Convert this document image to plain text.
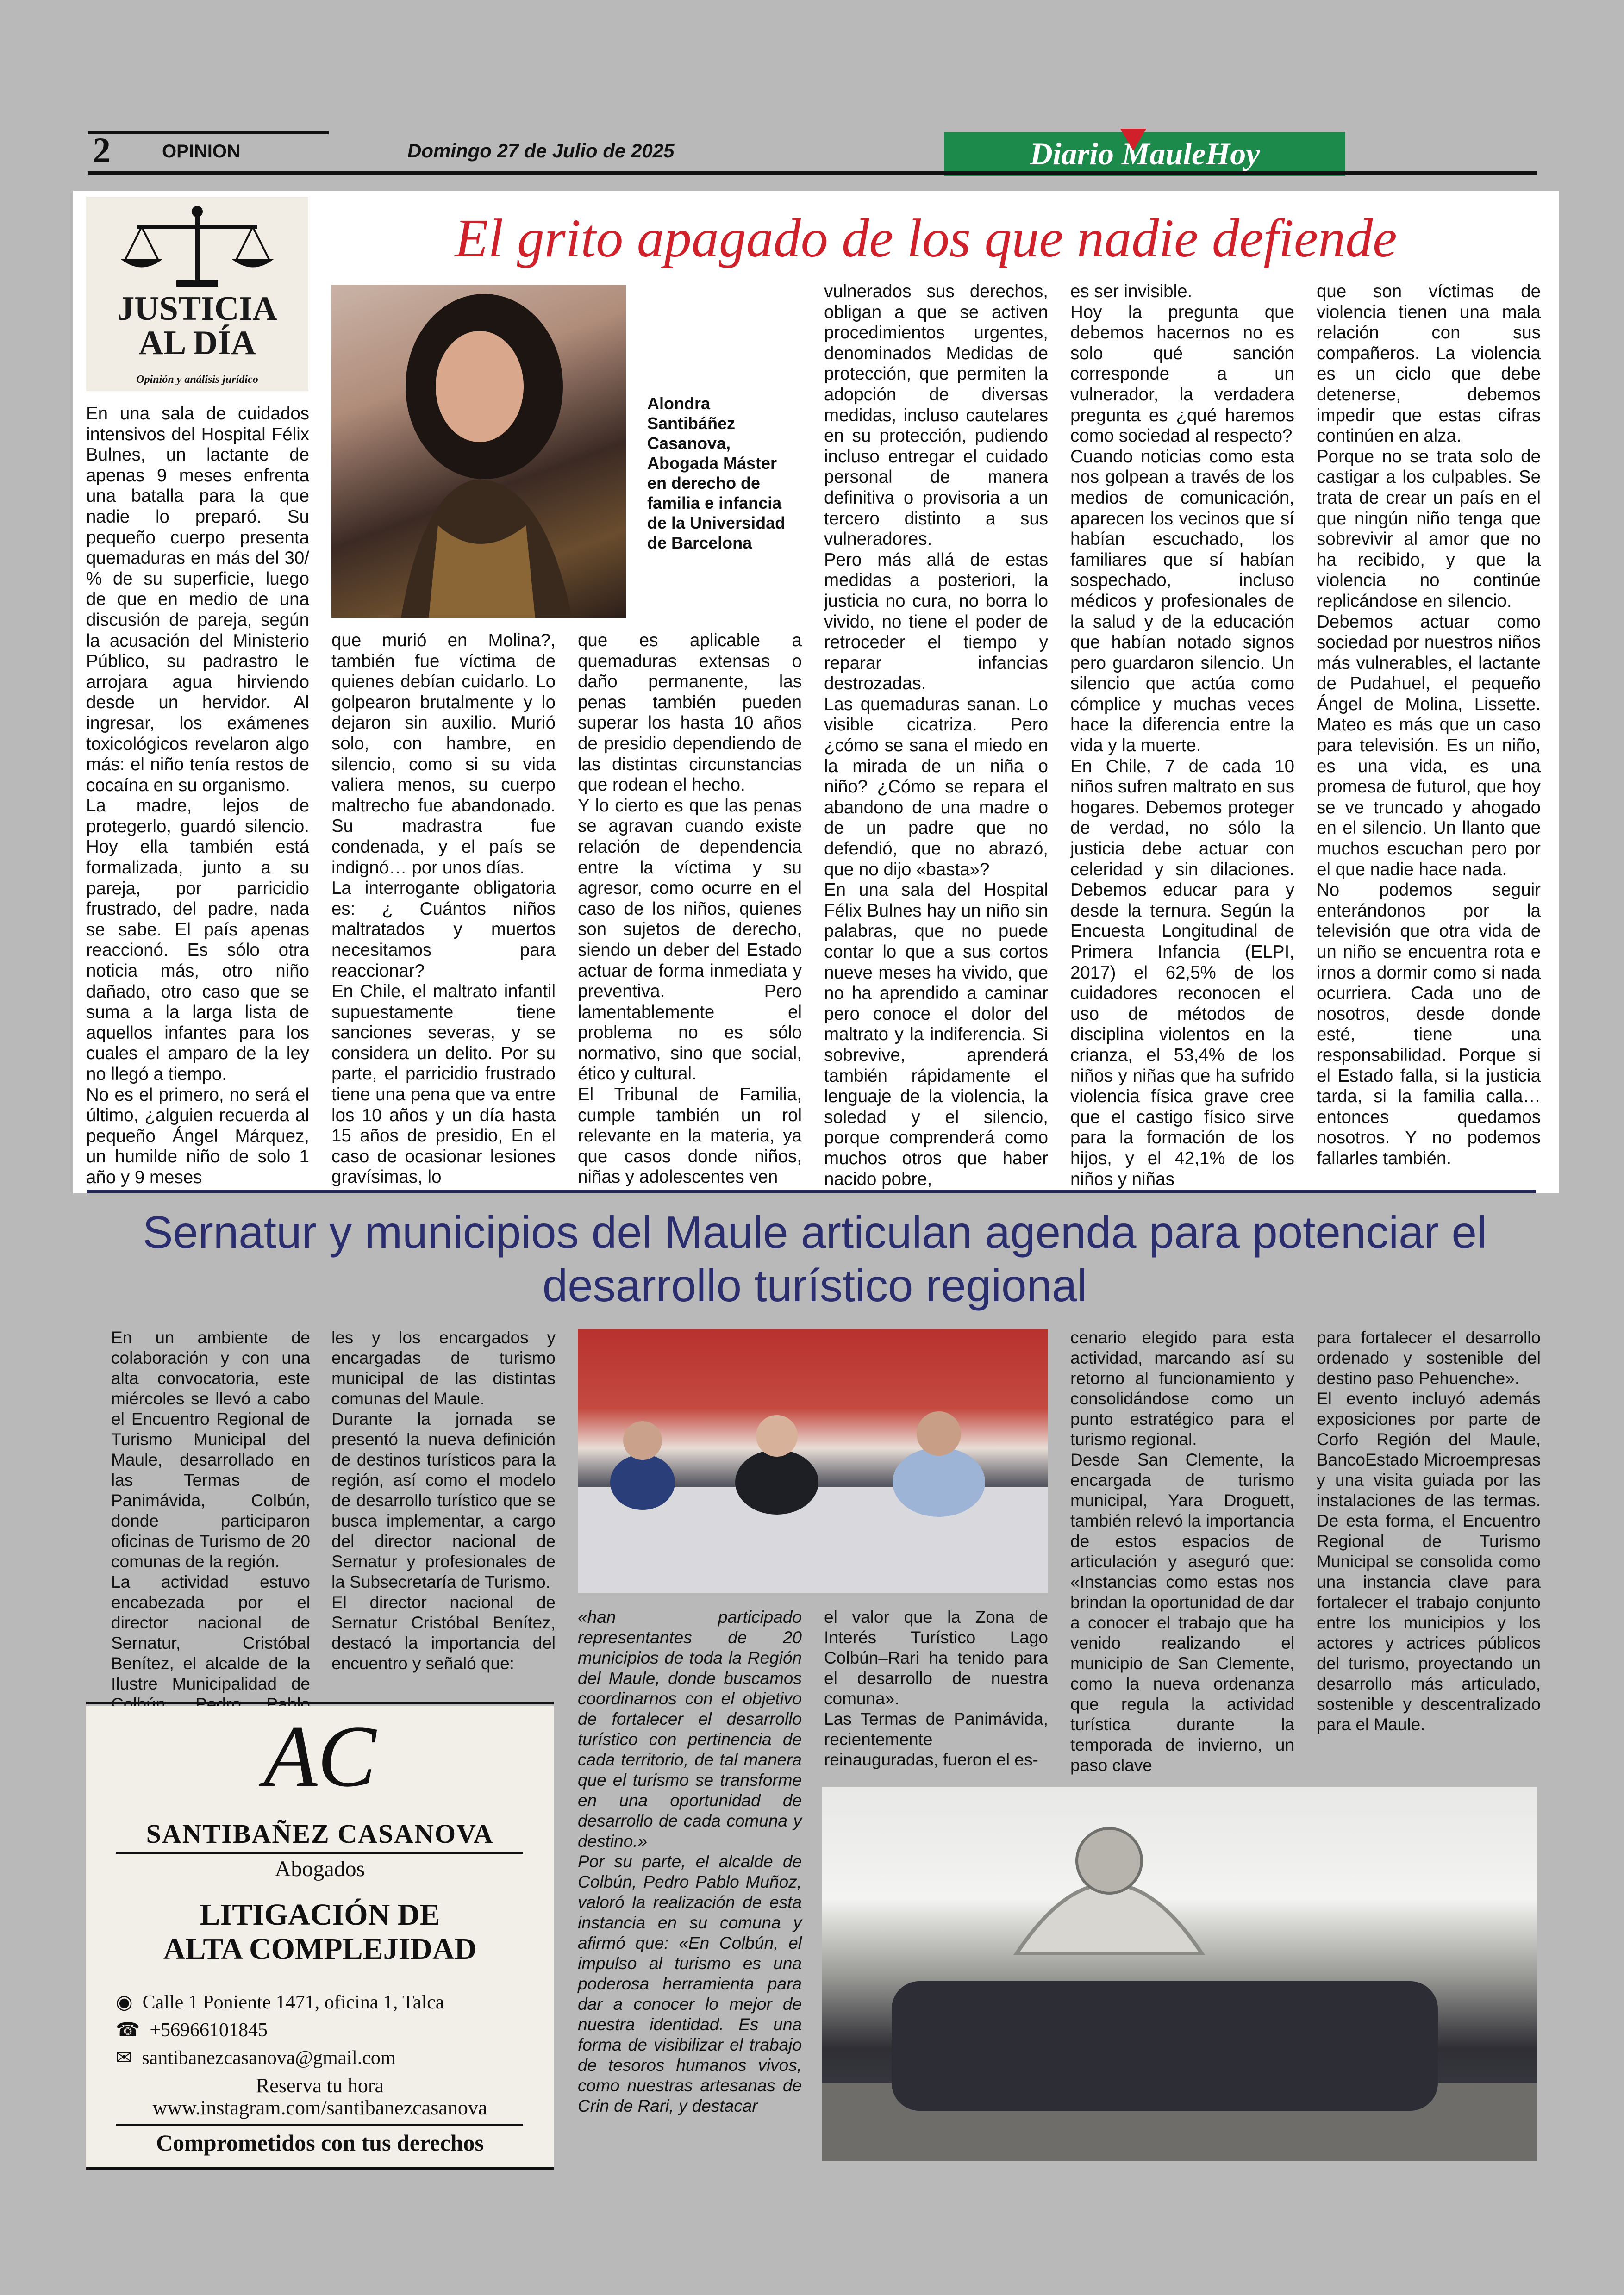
2	OPINION	Domingo 27 de Julio de 2025	Diario MauleHoy
JUSTICIA
AL DÍA
Opinión y análisis jurídico
El grito apagado de los que nadie defiende
Alondra Santibáñez Casanova, Abogada Máster en derecho de familia e infancia de la Universidad de Barcelona
En una sala de cuidados intensivos del Hospital Félix Bulnes, un lactante de apenas 9 meses enfrenta una batalla para la que nadie lo preparó. Su pequeño cuerpo presenta quemaduras en más del 30/ % de su superficie, luego de que en medio de una discusión de pareja, según la acusación del Ministerio Público, su padrastro le arrojara agua hirviendo desde un hervidor. Al ingresar, los exámenes toxicológicos revelaron algo más: el niño tenía restos de cocaína en su organismo.
La madre, lejos de protegerlo, guardó silencio. Hoy ella también está formalizada, junto a su pareja, por parricidio frustrado, del padre, nada se sabe. El país apenas reaccionó. Es sólo otra noticia más, otro niño dañado, otro caso que se suma a la larga lista de aquellos infantes para los cuales el amparo de la ley no llegó a tiempo.
No es el primero, no será el último, ¿alguien recuerda al pequeño Ángel Márquez, un humilde niño de solo 1 año y 9 meses
que murió en Molina?, también fue víctima de quienes debían cuidarlo. Lo golpearon brutalmente y lo dejaron sin auxilio. Murió solo, con hambre, en silencio, como si su vida valiera menos, su cuerpo maltrecho fue abandonado. Su madrastra fue condenada, y el país se indignó… por unos días.
La interrogante obligatoria es: ¿ Cuántos niños maltratados y muertos necesitamos para reaccionar?
En Chile, el maltrato infantil supuestamente tiene sanciones severas, y se considera un delito. Por su parte, el parricidio frustrado tiene una pena que va entre los 10 años y un día hasta 15 años de presidio, En el caso de ocasionar lesiones gravísimas, lo
que es aplicable a quemaduras extensas o daño permanente, las penas también pueden superar los hasta 10 años de presidio dependiendo de las distintas circunstancias que rodean el hecho.
Y lo cierto es que las penas se agravan cuando existe relación de dependencia entre la víctima y su agresor, como ocurre en el caso de los niños, quienes son sujetos de derecho, siendo un deber del Estado actuar de forma inmediata y preventiva. Pero lamentablemente el problema no es sólo normativo, sino que social, ético y cultural.
El Tribunal de Familia, cumple también un rol relevante en la materia, ya que casos donde niños, niñas y adolescentes ven
vulnerados sus derechos, obligan a que se activen procedimientos urgentes, denominados Medidas de protección, que permiten la adopción de diversas medidas, incluso cautelares en su protección, pudiendo incluso entregar el cuidado personal de manera definitiva o provisoria a un tercero distinto a sus vulneradores.
Pero más allá de estas medidas a posteriori, la justicia no cura, no borra lo vivido, no tiene el poder de retroceder el tiempo y reparar infancias destrozadas.
Las quemaduras sanan. Lo visible cicatriza. Pero ¿cómo se sana el miedo en la mirada de un niña o niño? ¿Cómo se repara el abandono de una madre o de un padre que no defendió, que no abrazó, que no dijo «basta»?
En una sala del Hospital Félix Bulnes hay un niño sin palabras, que no puede contar lo que a sus cortos nueve meses ha vivido, que no ha aprendido a caminar pero conoce el dolor del maltrato y la indiferencia. Si sobrevive, aprenderá también rápidamente el lenguaje de la violencia, la soledad y el silencio, porque comprenderá como muchos otros que haber nacido pobre,
es ser invisible.
Hoy la pregunta que debemos hacernos no es solo qué sanción corresponde a un vulnerador, la verdadera pregunta es ¿qué haremos como sociedad al respecto?
Cuando noticias como esta nos golpean a través de los medios de comunicación, aparecen los vecinos que sí habían escuchado, los familiares que sí habían sospechado, incluso médicos y profesionales de la salud y de la educación que habían notado signos pero guardaron silencio. Un silencio que actúa como cómplice y muchas veces hace la diferencia entre la vida y la muerte.
En Chile, 7 de cada 10 niños sufren maltrato en sus hogares. Debemos proteger de verdad, no sólo la justicia debe actuar con celeridad y sin dilaciones. Debemos educar para y desde la ternura. Según la Encuesta Longitudinal de Primera Infancia (ELPI, 2017) el 62,5% de los cuidadores reconocen el uso de métodos de disciplina violentos en la crianza, el 53,4% de los niños y niñas que ha sufrido violencia física grave cree que el castigo físico sirve para la formación de los hijos, y el 42,1% de los niños y niñas
que son víctimas de violencia tienen una mala relación con sus compañeros. La violencia es un ciclo que debe detenerse, debemos impedir que estas cifras continúen en alza.
Porque no se trata solo de castigar a los culpables. Se trata de crear un país en el que ningún niño tenga que sobrevivir al amor que no ha recibido, y que la violencia no continúe replicándose en silencio.
Debemos actuar como sociedad por nuestros niños más vulnerables, el lactante de Pudahuel, el pequeño Ángel de Molina, Lissette. Mateo es más que un caso para televisión. Es un niño, es una vida, es una promesa de futurol, que hoy se ve truncado y ahogado en el silencio. Un llanto que muchos escuchan pero por el que nadie hace nada.
No podemos seguir enterándonos por la televisión que otra vida de un niño se encuentra rota e irnos a dormir como si nada ocurriera. Cada uno de nosotros, desde donde esté, tiene una responsabilidad. Porque si el Estado falla, si la justicia tarda, si la familia calla… entonces quedamos nosotros. Y no podemos fallarles también.
Sernatur y municipios del Maule articulan agenda para potenciar el desarrollo turístico regional
En un ambiente de colaboración y con una alta convocatoria, este miércoles se llevó a cabo el Encuentro Regional de Turismo Municipal del Maule, desarrollado en las Termas de Panimávida, Colbún, donde participaron oficinas de Turismo de 20 comunas de la región.
La actividad estuvo encabezada por el director nacional de Sernatur, Cristóbal Benítez, el alcalde de la Ilustre Municipalidad de
les y los encargados y encargadas de turismo municipal de las distintas comunas del Maule.
Durante la jornada se presentó la nueva definición de destinos turísticos para la región, así como el modelo de desarrollo turístico que se busca implementar, a cargo del director nacional de Sernatur y profesionales de la Subsecretaría de Turismo.
El director nacional de Sernatur Cristóbal Benítez, destacó la importancia del encuentro y señaló que:
«han participado representantes de 20 municipios de toda la Región del Maule, donde buscamos coordinarnos con el objetivo de fortalecer el desarrollo turístico con pertinencia de cada territorio, de tal manera que el turismo se transforme en una oportunidad de desarrollo de cada comuna y destino.»
Por su parte, el alcalde de Colbún, Pedro Pablo Muñoz, valoró la realización de esta instancia en su comuna y afirmó que: «En Colbún, el impulso al turismo es una poderosa herramienta para dar a conocer lo mejor de nuestra identidad. Es una forma de visibilizar el trabajo de tesoros humanos vivos, como nuestras artesanas de Crin de Rari, y destacar
el valor que la Zona de Interés Turístico Lago Colbún–Rari ha tenido para el desarrollo de nuestra comuna».
Las Termas de Panimávida, recientemente reinauguradas, fueron el es-
cenario elegido para esta actividad, marcando así su retorno al funcionamiento y consolidándose como un punto estratégico para el turismo regional.
Desde San Clemente, la encargada de turismo municipal, Yara Droguett, también relevó la importancia de estos espacios de articulación y aseguró que: «Instancias como estas nos brindan la oportunidad de dar a conocer el trabajo que ha venido realizando el municipio de San Clemente, como la nueva ordenanza que regula la actividad turística durante la temporada de invierno, un paso clave
para fortalecer el desarrollo ordenado y sostenible del destino paso Pehuenche».
El evento incluyó además exposiciones por parte de Corfo Región del Maule, BancoEstado Microempresas y una visita guiada por las instalaciones de las termas. De esta forma, el Encuentro Regional de Turismo Municipal se consolida como una instancia clave para fortalecer el trabajo conjunto entre los municipios y los actores y actrices públicos del turismo, proyectando un desarrollo más articulado, sostenible y descentralizado para el Maule.
AC
SANTIBAÑEZ CASANOVA
Abogados
LITIGACIÓN DE
ALTA COMPLEJIDAD
◉ Calle 1 Poniente 1471, oficina 1, Talca
☎ +56966101845
✉ santibanezcasanova@gmail.com
Reserva tu hora
www.instagram.com/santibanezcasanova
Comprometidos con tus derechos
